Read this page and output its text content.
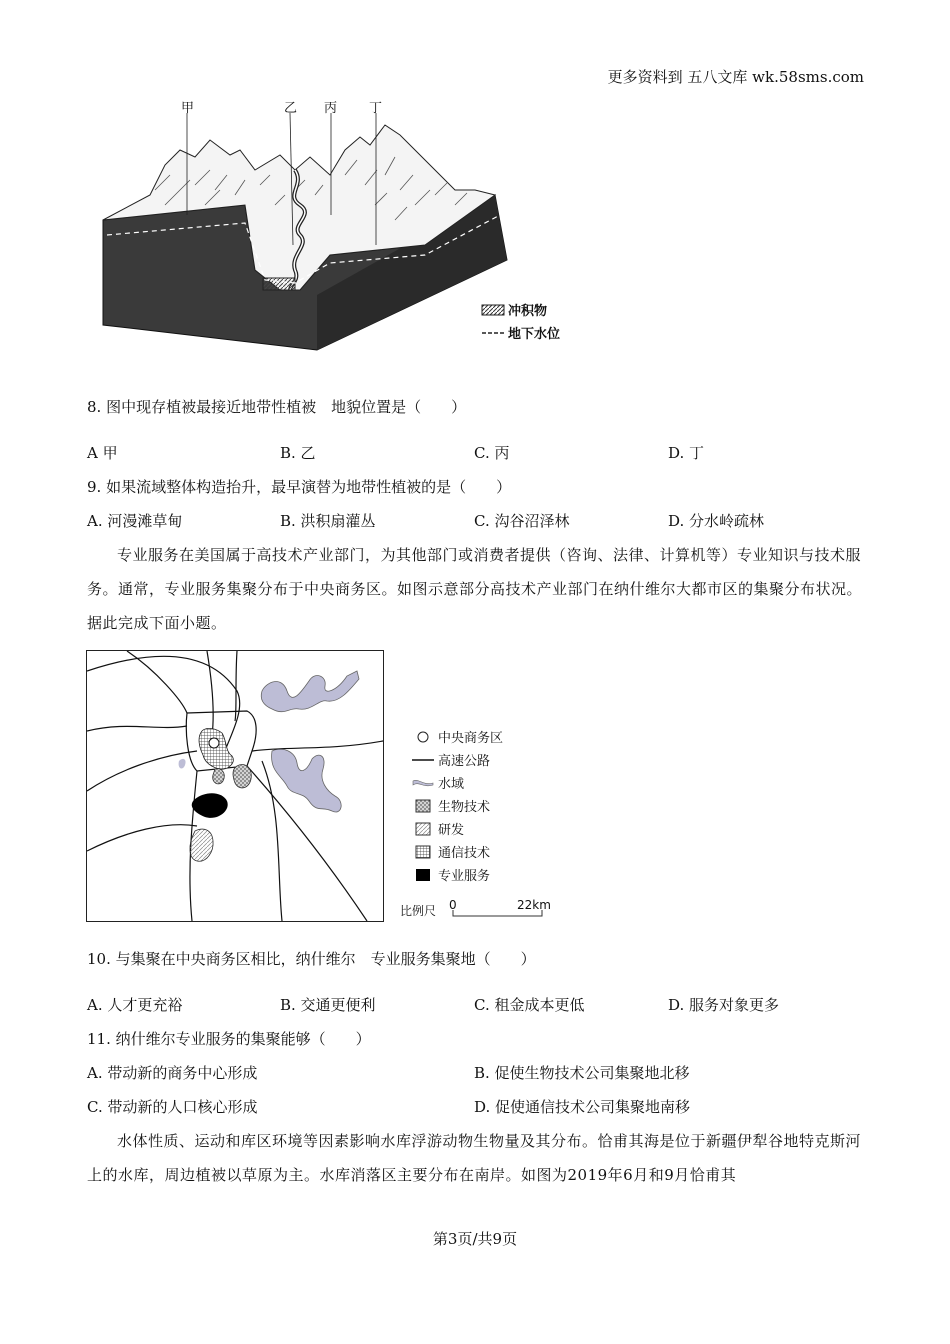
更多资料到 五八文库 wk.58sms.com
甲	乙 丙 丁
冲积物
地下水位
8. 图中现存植被最接近地带性植被　地貌位置是（　　）
A 甲	B. 乙	C. 丙	D. 丁
9. 如果流域整体构造抬升，最早演替为地带性植被的是（　　）
A. 河漫滩草甸	B. 洪积扇灌丛	C. 沟谷沼泽林	D. 分水岭疏林
专业服务在美国属于高技术产业部门，为其他部门或消费者提供（咨询、法律、计算机等）专业知识与技术服务。通常，专业服务集聚分布于中央商务区。如图示意部分高技术产业部门在纳什维尔大都市区的集聚分布状况。据此完成下面小题。
中央商务区
高速公路
水域
生物技术
研发
通信技术
专业服务
比例尺 0	22km
10. 与集聚在中央商务区相比，纳什维尔　专业服务集聚地（　　）
A. 人才更充裕	B. 交通更便利	C. 租金成本更低	D. 服务对象更多
11. 纳什维尔专业服务的集聚能够（　　）
A. 带动新的商务中心形成	B. 促使生物技术公司集聚地北移
C. 带动新的人口核心形成	D. 促使通信技术公司集聚地南移
水体性质、运动和库区环境等因素影响水库浮游动物生物量及其分布。恰甫其海是位于新疆伊犁谷地特克斯河上的水库，周边植被以草原为主。水库消落区主要分布在南岸。如图为2019年6月和9月恰甫其
第3页/共9页
